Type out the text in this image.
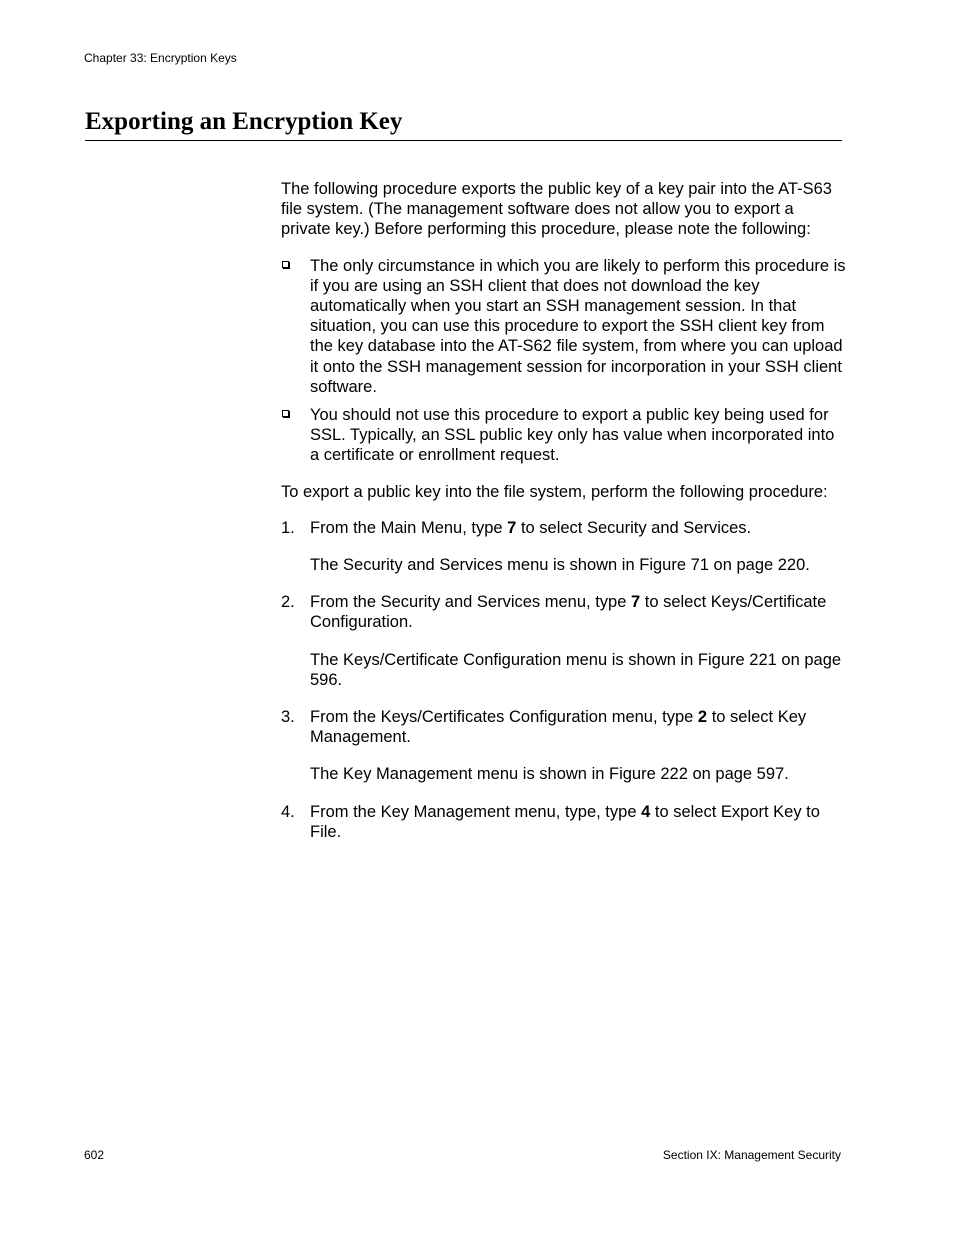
Chapter 33: Encryption Keys
Exporting an Encryption Key

The following procedure exports the public key of a key pair into the AT-S63 file system. (The management software does not allow you to export a private key.) Before performing this procedure, please note the following:

The only circumstance in which you are likely to perform this procedure is if you are using an SSH client that does not download the key automatically when you start an SSH management session. In that situation, you can use this procedure to export the SSH client key from the key database into the AT-S62 file system, from where you can upload it onto the SSH management session for incorporation in your SSH client software.
You should not use this procedure to export a public key being used for SSL. Typically, an SSL public key only has value when incorporated into a certificate or enrollment request.

To export a public key into the file system, perform the following procedure:

1. From the Main Menu, type 7 to select Security and Services.

The Security and Services menu is shown in Figure 71 on page 220.

2. From the Security and Services menu, type 7 to select Keys/Certificate Configuration.

The Keys/Certificate Configuration menu is shown in Figure 221 on page 596.

3. From the Keys/Certificates Configuration menu, type 2 to select Key Management.

The Key Management menu is shown in Figure 222 on page 597.

4. From the Key Management menu, type, type 4 to select Export Key to File.

602	Section IX: Management Security
